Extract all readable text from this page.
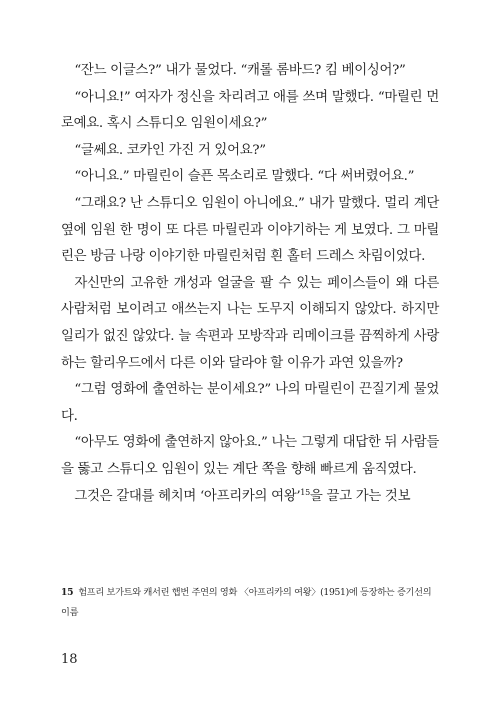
“잔느 이글스?” 내가 물었다. “캐롤 롬바드? 킴 베이싱어?”

“아니요!” 여자가 정신을 차리려고 애를 쓰며 말했다. “마릴린 먼로예요. 혹시 스튜디오 임원이세요?”

“글쎄요. 코카인 가진 거 있어요?”

“아니요.” 마릴린이 슬픈 목소리로 말했다. “다 써버렸어요.”

“그래요? 난 스튜디오 임원이 아니에요.” 내가 말했다. 멀리 계단 옆에 임원 한 명이 또 다른 마릴린과 이야기하는 게 보였다. 그 마릴린은 방금 나랑 이야기한 마릴린처럼 흰 홀터 드레스 차림이었다.

자신만의 고유한 개성과 얼굴을 팔 수 있는 페이스들이 왜 다른 사람처럼 보이려고 애쓰는지 나는 도무지 이해되지 않았다. 하지만 일리가 없진 않았다. 늘 속편과 모방작과 리메이크를 끔찍하게 사랑하는 할리우드에서 다른 이와 달라야 할 이유가 과연 있을까?

“그럼 영화에 출연하는 분이세요?” 나의 마릴린이 끈질기게 물었다.

“아무도 영화에 출연하지 않아요.” 나는 그렇게 대답한 뒤 사람들을 뚫고 스튜디오 임원이 있는 계단 쪽을 향해 빠르게 움직였다.

그것은 갈대를 헤치며 ‘아프리카의 여왕’$^{15}$을 끌고 가는 것보

15 험프리 보가트와 캐서린 햅번 주연의 영화 〈아프리카의 여왕〉(1951)에 등장하는 증기선의 이름
18
